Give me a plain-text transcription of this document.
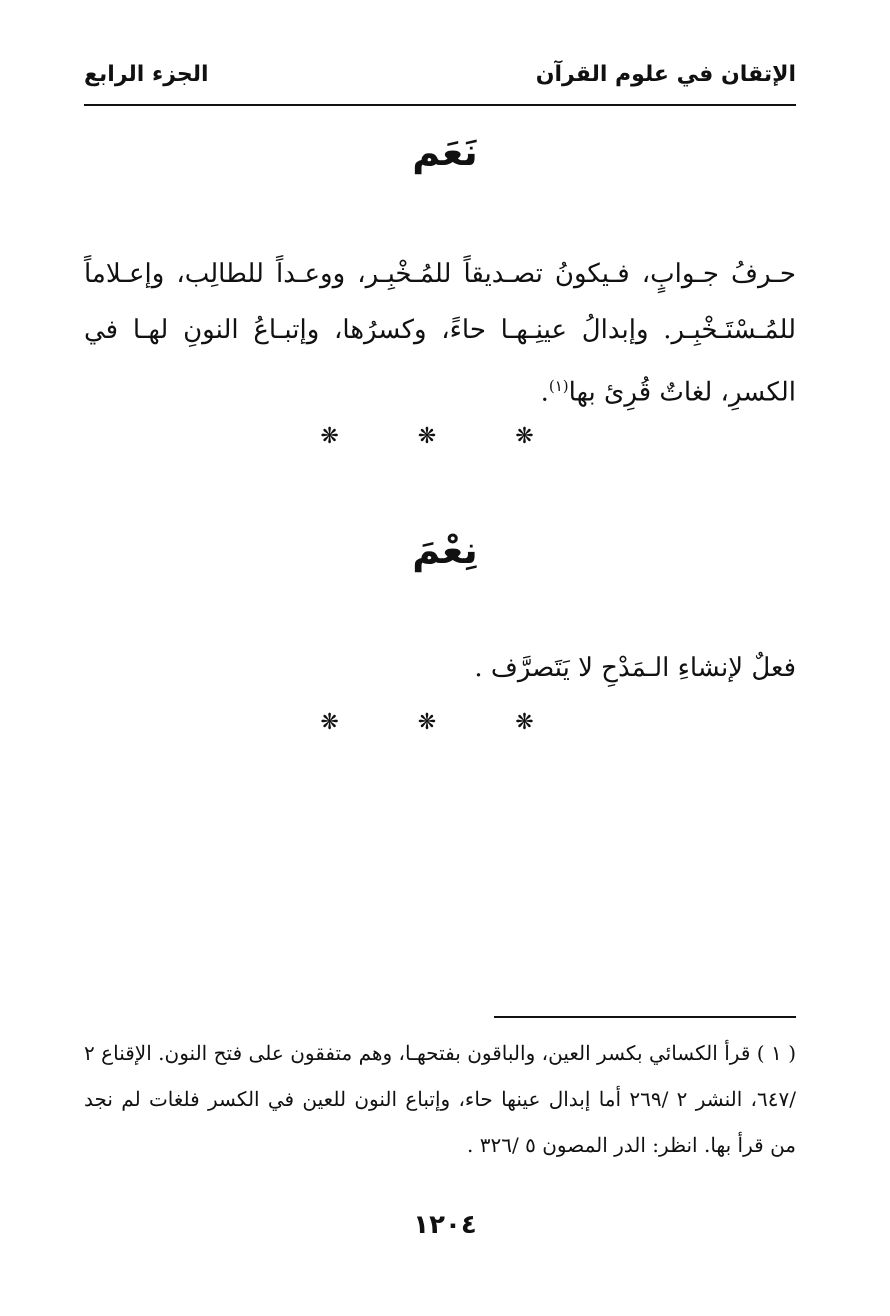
الإتقان في علوم القرآن
الجزء الرابع
نَعَم
حـرفُ جـوابٍ، فـيكونُ تصـديقاً للمُـخْبِـر، ووعـداً للطالِب، وإعـلاماً للمُـسْتَـخْبِـر. وإبدالُ عينِـهـا حاءً، وكسرُها، وإتبـاعُ النونِ لهـا في الكسرِ، لغاتٌ قُرِئ بها$^{(١)}$.
❋ ❋ ❋
نِعْمَ
فعلٌ لإنشاءِ الـمَدْحِ لا يَتَصرَّف .
❋ ❋ ❋
( ١ ) قرأ الكسائي بكسر العين، والباقون بفتحهـا، وهم متفقون على فتح النون. الإقناع ٢ /٦٤٧، النشر ٢ /٢٦٩ أما إبدال عينها حاء، وإتباع النون للعين في الكسر فلغات لم نجد من قرأ بها. انظر: الدر المصون ٥ /٣٢٦ .
١٢٠٤
